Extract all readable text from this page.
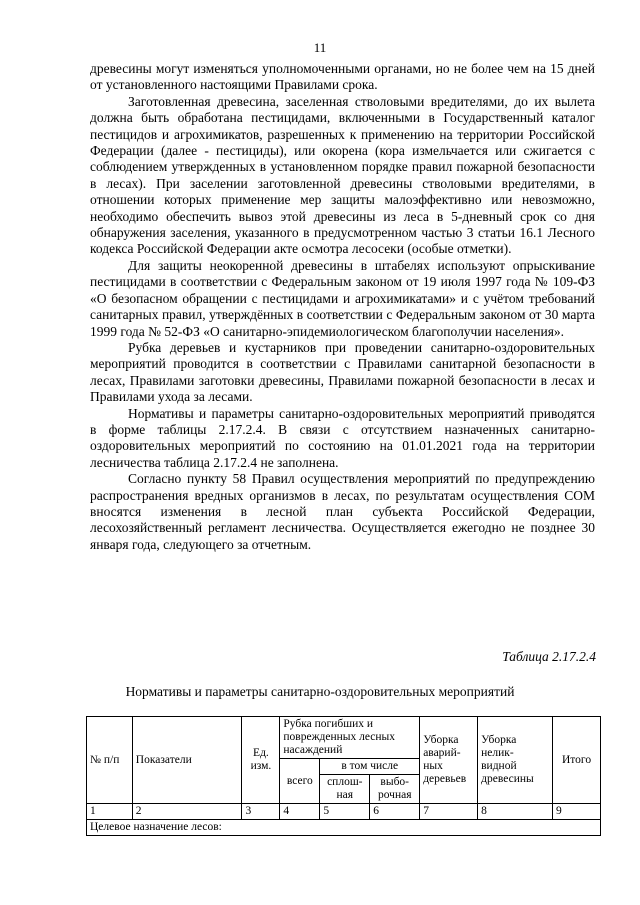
11

древесины могут изменяться уполномоченными органами, но не более чем на 15 дней от установленного настоящими Правилами срока.

Заготовленная древесина, заселенная стволовыми вредителями, до их вылета должна быть обработана пестицидами, включенными в Государственный каталог пестицидов и агрохимикатов, разрешенных к применению на территории Российской Федерации (далее - пестициды), или окорена (кора измельчается или сжигается с соблюдением утвержденных в установленном порядке правил пожарной безопасности в лесах). При заселении заготовленной древесины стволовыми вредителями, в отношении которых применение мер защиты малоэффективно или невозможно, необходимо обеспечить вывоз этой древесины из леса в 5-дневный срок со дня обнаружения заселения, указанного в предусмотренном частью 3 статьи 16.1 Лесного кодекса Российской Федерации акте осмотра лесосеки (особые отметки).

Для защиты неокоренной древесины в штабелях используют опрыскивание пестицидами в соответствии с Федеральным законом от 19 июля 1997 года № 109-ФЗ «О безопасном обращении с пестицидами и агрохимикатами» и с учётом требований санитарных правил, утверждённых в соответствии с Федеральным законом от 30 марта 1999 года № 52-ФЗ «О санитарно-эпидемиологическом благополучии населения».

Рубка деревьев и кустарников при проведении санитарно-оздоровительных мероприятий проводится в соответствии с Правилами санитарной безопасности в лесах, Правилами заготовки древесины, Правилами пожарной безопасности в лесах и Правилами ухода за лесами.

Нормативы и параметры санитарно-оздоровительных мероприятий приводятся в форме таблицы 2.17.2.4. В связи с отсутствием назначенных санитарно-оздоровительных мероприятий по состоянию на 01.01.2021 года на территории лесничества таблица 2.17.2.4 не заполнена.

Согласно пункту 58 Правил осуществления мероприятий по предупреждению распространения вредных организмов в лесах, по результатам осуществления СОМ вносятся изменения в лесной план субъекта Российской Федерации, лесохозяйственный регламент лесничества. Осуществляется ежегодно не позднее 30 января года, следующего за отчетным.

Таблица 2.17.2.4
Нормативы и параметры санитарно-оздоровительных мероприятий
№ п/п	Показатели	Ед. изм.	Рубка погибших и поврежденных лесных насаждений			Уборка аварий-ных деревьев	Уборка нелик-видной древесины	Итого
			всего	в том числе				
				сплош-ная	выбо-рочная			
1	2	3	4	5	6	7	8	9
Целевое назначение лесов:								
